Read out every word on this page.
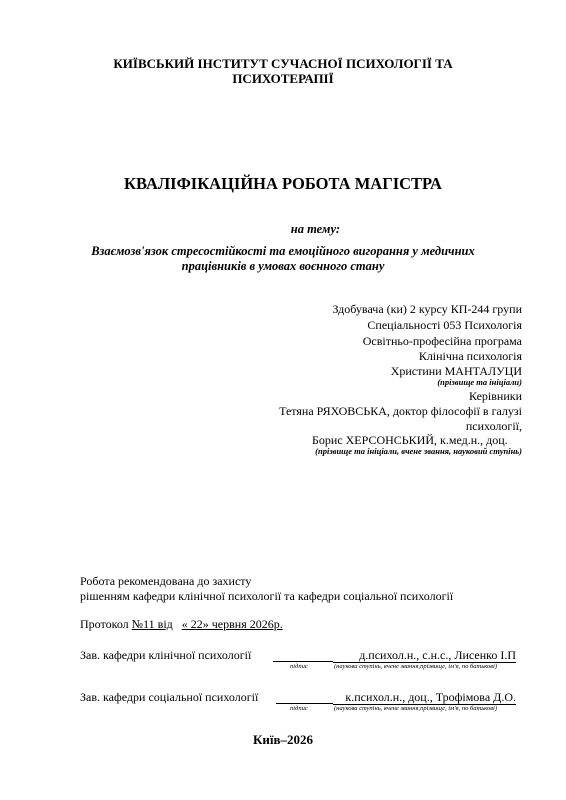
КИЇВСЬКИЙ ІНСТИТУТ СУЧАСНОЇ ПСИХОЛОГІЇ ТА
ПСИХОТЕРАПІЇ
КВАЛІФІКАЦІЙНА РОБОТА МАГІСТРА
на тему:
Взаємозв'язок стресостійкості та емоційного вигорання у медичних
працівників в умовах воєнного стану
Здобувача (ки) 2 курсу КП-244 групи
Спеціальності 053 Психологія
Освітньо-професійна програма
Клінічна психологія
Христини МАНТАЛУЦИ
(прізвище та ініціали)
Керівники
Тетяна РЯХОВСЬКА, доктор філософії в галузі
психології,
Борис ХЕРСОНСЬКИЙ, к.мед.н., доц.
(прізвище та ініціали, вчене звання, науковий ступінь)
Робота рекомендована до захисту
рішенням кафедри клінічної психології та кафедри соціальної психології
Протокол №11 від « 22» червня 2026р.
Зав. кафедри клінічної психології	д.психол.н., с.н.с., Лисенко І.П
підпис	(наукова ступінь, вчене звання,прізвище, ім'я, по батькові)
Зав. кафедри соціальної психології	к.психол.н., доц., Трофімова Д.О.
підпис	(наукова ступінь, вчене звання,прізвище, ім'я, по батькові)
Київ–2026
